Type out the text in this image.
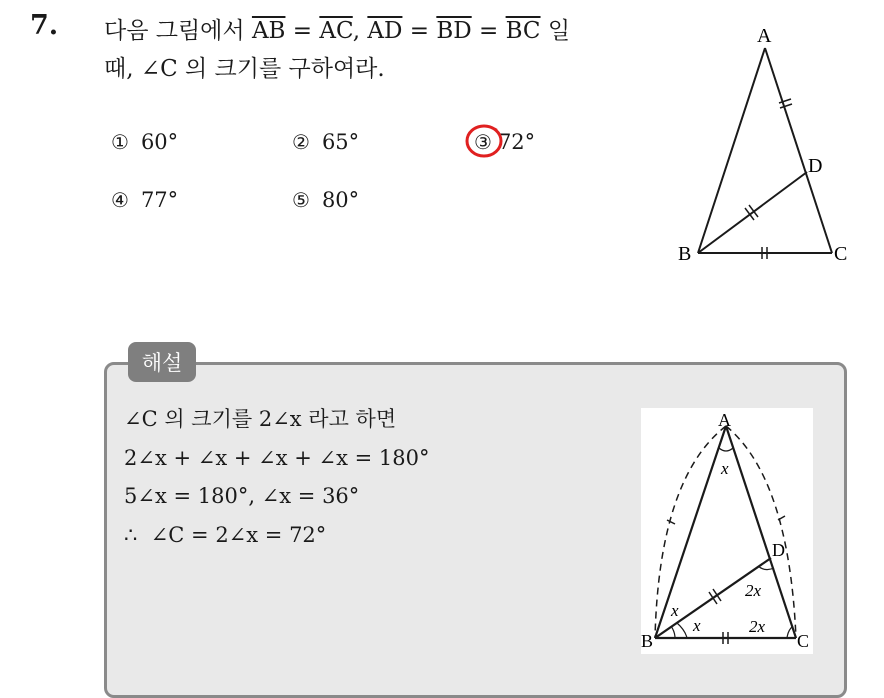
7. 다음 그림에서 $\overline{AB} = \overline{AC}$, $\overline{AD} = \overline{BD} = \overline{BC}$ 일
때, ∠C 의 크기를 구하여라.
① 60°	② 65°	③ 72°
④ 77°	⑤ 80°
A
B	C
D
해설
∠C 의 크기를 2∠x 라고 하면
2∠x + ∠x + ∠x + ∠x = 180°
5∠x = 180°, ∠x = 36°
∴  ∠C = 2∠x = 72°
A
B	C
D
x
x
x
2x
2x
